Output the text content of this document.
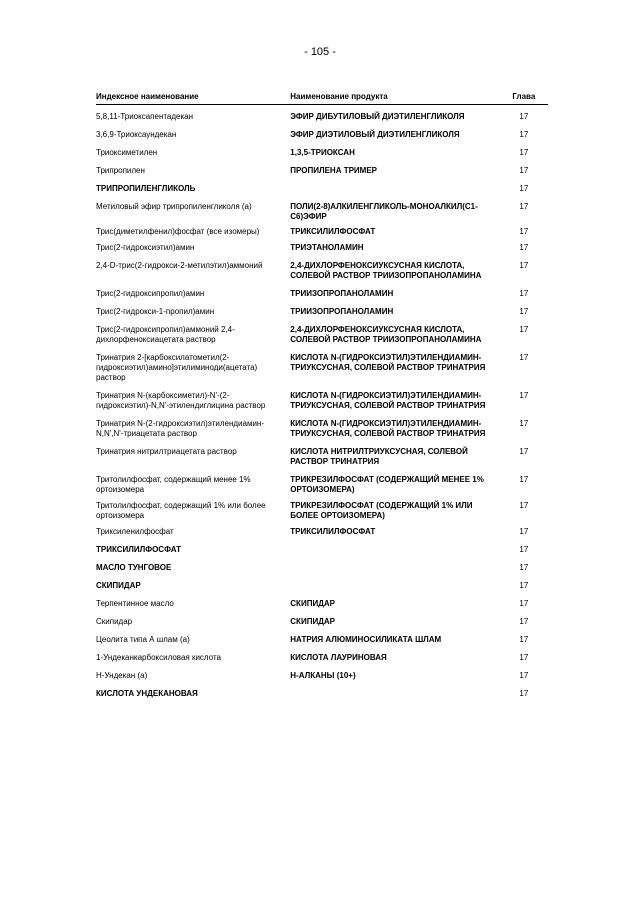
- 105 -
Индексное наименование	Наименование продукта	Глава

5,8,11-Триоксапентадекан	ЭФИР ДИБУТИЛОВЫЙ ДИЭТИЛЕНГЛИКОЛЯ	17

3,6,9-Триоксаундекан	ЭФИР ДИЭТИЛОВЫЙ ДИЭТИЛЕНГЛИКОЛЯ	17

Триоксиметилен	1,3,5-ТРИОКСАН	17

Трипропилен	ПРОПИЛЕНА ТРИМЕР	17

ТРИПРОПИЛЕНГЛИКОЛЬ		17

Метиловый эфир трипропиленгликоля (а)	ПОЛИ(2-8)АЛКИЛЕНГЛИКОЛЬ-МОНОАЛКИЛ(С1-С6)ЭФИР	17

Трис(диметилфенил)фосфат (все изомеры)	ТРИКСИЛИЛФОСФАТ	17

Трис(2-гидроксиэтил)амин	ТРИЭТАНОЛАМИН	17

2,4-D-трис(2-гидрокси-2-метилэтил)аммоний	2,4-ДИХЛОРФЕНОКСИУКСУСНАЯ КИСЛОТА, СОЛЕВОЙ РАСТВОР ТРИИЗОПРОПАНОЛАМИНА	17

Трис(2-гидроксипропил)амин	ТРИИЗОПРОПАНОЛАМИН	17

Трис(2-гидрокси-1-пропил)амин	ТРИИЗОПРОПАНОЛАМИН	17

Трис(2-гидроксипропил)аммоний 2,4-дихлорфеноксиацетата раствор	2,4-ДИХЛОРФЕНОКСИУКСУСНАЯ КИСЛОТА, СОЛЕВОЙ РАСТВОР ТРИИЗОПРОПАНОЛАМИНА	17

Тринатрия 2-[карбоксилатометил(2-гидроксиэтил)амино]этилиминоди(ацетата) раствор	КИСЛОТА N-(ГИДРОКСИЭТИЛ)ЭТИЛЕНДИАМИН-ТРИУКСУСНАЯ, СОЛЕВОЙ РАСТВОР ТРИНАТРИЯ	17

Тринатрия N-(карбоксиметил)-N'-(2-гидроксиэтил)-N,N'-этилендиглицина раствор	КИСЛОТА N-(ГИДРОКСИЭТИЛ)ЭТИЛЕНДИАМИН-ТРИУКСУСНАЯ, СОЛЕВОЙ РАСТВОР ТРИНАТРИЯ	17

Тринатрия N-(2-гидроксиэтил)этилендиамин-N,N',N'-триацетата раствор	КИСЛОТА N-(ГИДРОКСИЭТИЛ)ЭТИЛЕНДИАМИН-ТРИУКСУСНАЯ, СОЛЕВОЙ РАСТВОР ТРИНАТРИЯ	17

Тринатрия нитрилтриацетата раствор	КИСЛОТА НИТРИЛТРИУКСУСНАЯ, СОЛЕВОЙ РАСТВОР ТРИНАТРИЯ	17

Тритолилфосфат, содержащий менее 1% ортоизомера	ТРИКРЕЗИЛФОСФАТ (СОДЕРЖАЩИЙ МЕНЕЕ 1% ОРТОИЗОМЕРА)	17

Тритолилфосфат, содержащий 1% или более ортоизомера	ТРИКРЕЗИЛФОСФАТ (СОДЕРЖАЩИЙ 1% ИЛИ БОЛЕЕ ОРТОИЗОМЕРА)	17

Триксиленилфосфат	ТРИКСИЛИЛФОСФАТ	17

ТРИКСИЛИЛФОСФАТ		17

МАСЛО ТУНГОВОЕ		17

СКИПИДАР		17

Терпентинное масло	СКИПИДАР	17

Скипидар	СКИПИДАР	17

Цеолита типа А шлам (а)	НАТРИЯ АЛЮМИНОСИЛИКАТА ШЛАМ	17

1-Ундеканкарбоксиловая кислота	КИСЛОТА ЛАУРИНОВАЯ	17

Н-Ундекан (а)	Н-АЛКАНЫ (10+)	17

КИСЛОТА УНДЕКАНОВАЯ		17
